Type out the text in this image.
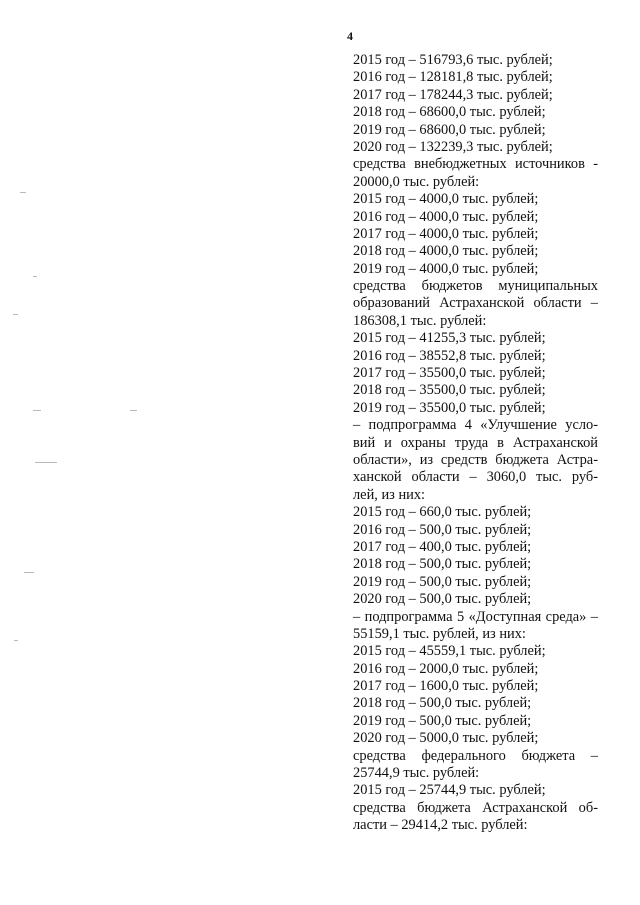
4
2015 год – 516793,6 тыс. рублей;
2016 год – 128181,8 тыс. рублей;
2017 год – 178244,3 тыс. рублей;
2018 год – 68600,0 тыс. рублей;
2019 год – 68600,0 тыс. рублей;
2020 год – 132239,3 тыс. рублей;
средства внебюджетных источников -
20000,0 тыс. рублей:
2015 год – 4000,0 тыс. рублей;
2016 год – 4000,0 тыс. рублей;
2017 год – 4000,0 тыс. рублей;
2018 год – 4000,0 тыс. рублей;
2019 год – 4000,0 тыс. рублей;
средства бюджетов муниципальных
образований Астраханской области –
186308,1 тыс. рублей:
2015 год – 41255,3 тыс. рублей;
2016 год – 38552,8 тыс. рублей;
2017 год – 35500,0 тыс. рублей;
2018 год – 35500,0 тыс. рублей;
2019 год – 35500,0 тыс. рублей;
– подпрограмма 4 «Улучшение усло-
вий и охраны труда в Астраханской
области», из средств бюджета Астра-
ханской области – 3060,0 тыс. руб-
лей, из них:
2015 год – 660,0 тыс. рублей;
2016 год – 500,0 тыс. рублей;
2017 год – 400,0 тыс. рублей;
2018 год – 500,0 тыс. рублей;
2019 год – 500,0 тыс. рублей;
2020 год – 500,0 тыс. рублей;
– подпрограмма 5 «Доступная среда» –
55159,1 тыс. рублей, из них:
2015 год – 45559,1 тыс. рублей;
2016 год – 2000,0 тыс. рублей;
2017 год – 1600,0 тыс. рублей;
2018 год – 500,0 тыс. рублей;
2019 год – 500,0 тыс. рублей;
2020 год – 5000,0 тыс. рублей;
средства федерального бюджета –
25744,9 тыс. рублей:
2015 год – 25744,9 тыс. рублей;
средства бюджета Астраханской об-
ласти – 29414,2 тыс. рублей:
